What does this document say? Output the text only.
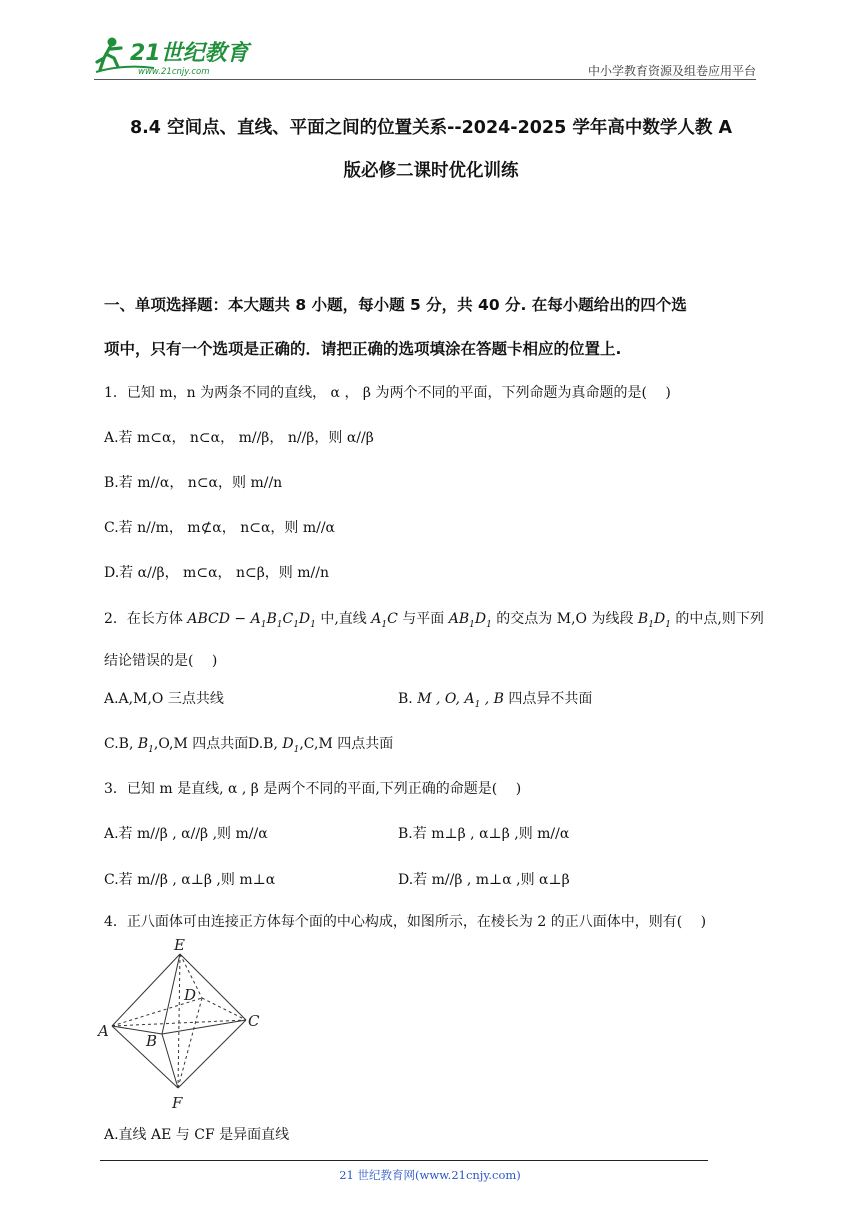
21世纪教育
www.21cnjy.com	中小学教育资源及组卷应用平台
8.4 空间点、直线、平面之间的位置关系--2024-2025 学年高中数学人教 A
版必修二课时优化训练
一、单项选择题：本大题共 8 小题，每小题 5 分，共 40 分. 在每小题给出的四个选
项中，只有一个选项是正确的．请把正确的选项填涂在答题卡相应的位置上.
1．已知 m，n 为两条不同的直线， α ， β 为两个不同的平面，下列命题为真命题的是(　 )
A.若 m⊂α， n⊂α， m//β， n//β，则 α//β
B.若 m//α， n⊂α，则 m//n
C.若 n//m， m⊄α， n⊂α，则 m//α
D.若 α//β， m⊂α， n⊂β，则 m//n
2．在长方体 ABCD − $A_1B_1C_1D_1$ 中,直线 $A_1C$ 与平面 $AB_1D_1$ 的交点为 M,O 为线段 $B_1D_1$ 的中点,则下列
结论错误的是(　 )
A.A,M,O 三点共线	B. M , O, $A_1$ , B 四点异不共面
C.B, $B_1,O,M$ 四点共面 D.B, $D_1,C,M$ 四点共面
3．已知 m 是直线, α , β 是两个不同的平面,下列正确的命题是(　 )
A.若 m//β , α//β ,则 m//α	B.若 m⊥β , α⊥β ,则 m//α
C.若 m//β , α⊥β ,则 m⊥α	D.若 m//β , m⊥α ,则 α⊥β
4．正八面体可由连接正方体每个面的中心构成，如图所示，在棱长为 2 的正八面体中，则有(　 )
E
D
C
A
B
F
A.直线 AE 与 CF 是异面直线
21 世纪教育网(www.21cnjy.com)
